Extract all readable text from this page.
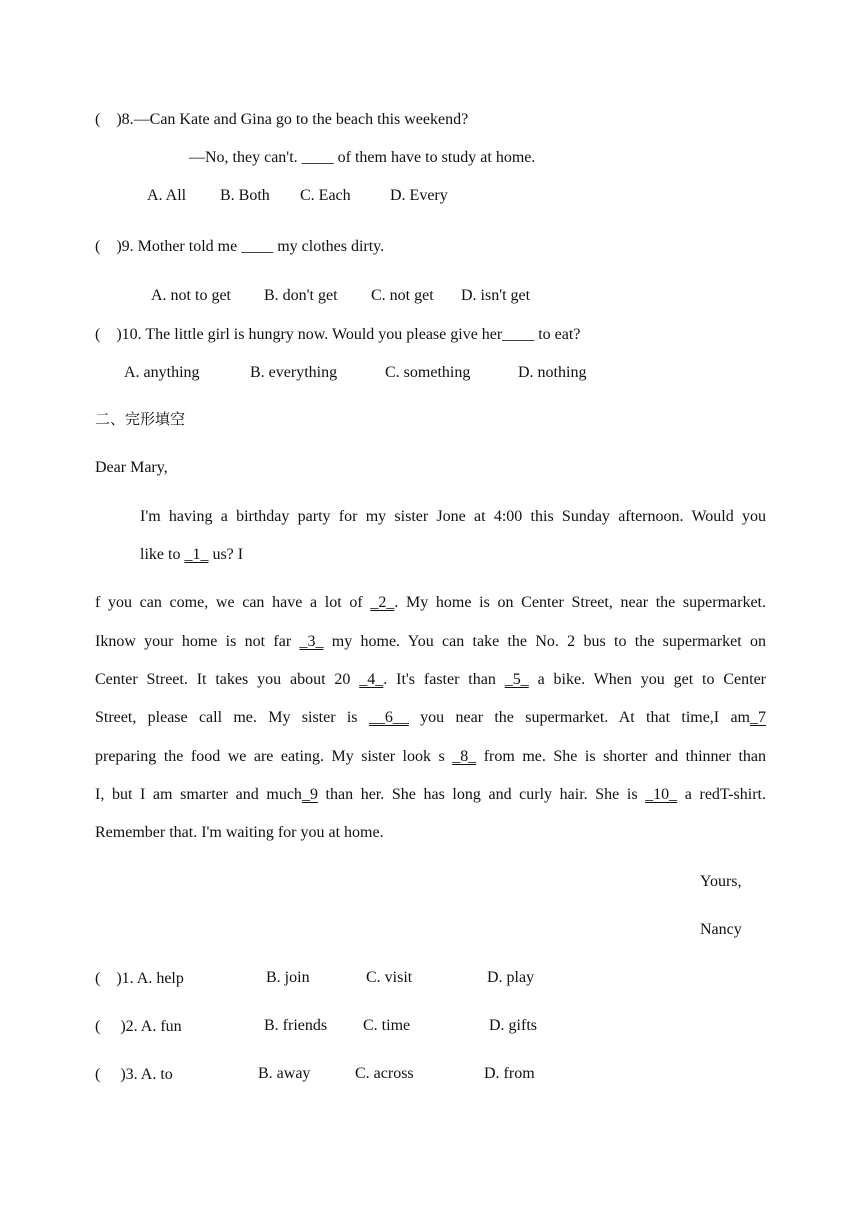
(    )8.—Can Kate and Gina go to the beach this weekend?
—No, they can't. ____ of them have to study at home.
A. All B. Both C. Each D. Every
(    )9. Mother told me ____ my clothes dirty.
A. not to get B. don't get C. not get D. isn't get
(    )10. The little girl is hungry now. Would you please give her____ to eat?
A. anything	B. everything	C. something	D. nothing
二、完形填空
Dear Mary,
I'm having a birthday party for my sister Jone at 4:00 this Sunday afternoon. Would you
like to _1_ us? I
f you can come, we can have a lot of _2_. My home is on Center Street, near the supermarket.
Iknow your home is not far _3_ my home. You can take the No. 2 bus to the supermarket on
Center Street. It takes you about 20 _4_. It's faster than _5_ a bike. When you get to Center
Street, please call me. My sister is __6__ you near the supermarket. At that time,I am_7
preparing the food we are eating. My sister look s _8_ from me. She is shorter and thinner than
I, but I am smarter and much_9 than her. She has long and curly hair. She is _10_ a redT-shirt.
Remember that. I'm waiting for you at home.
Yours,
Nancy
(    )1. A. help	B. join	C. visit	D. play
(     )2. A. fun	B. friends C. time	D. gifts
(     )3. A. to	B. away	C. across	D. from
